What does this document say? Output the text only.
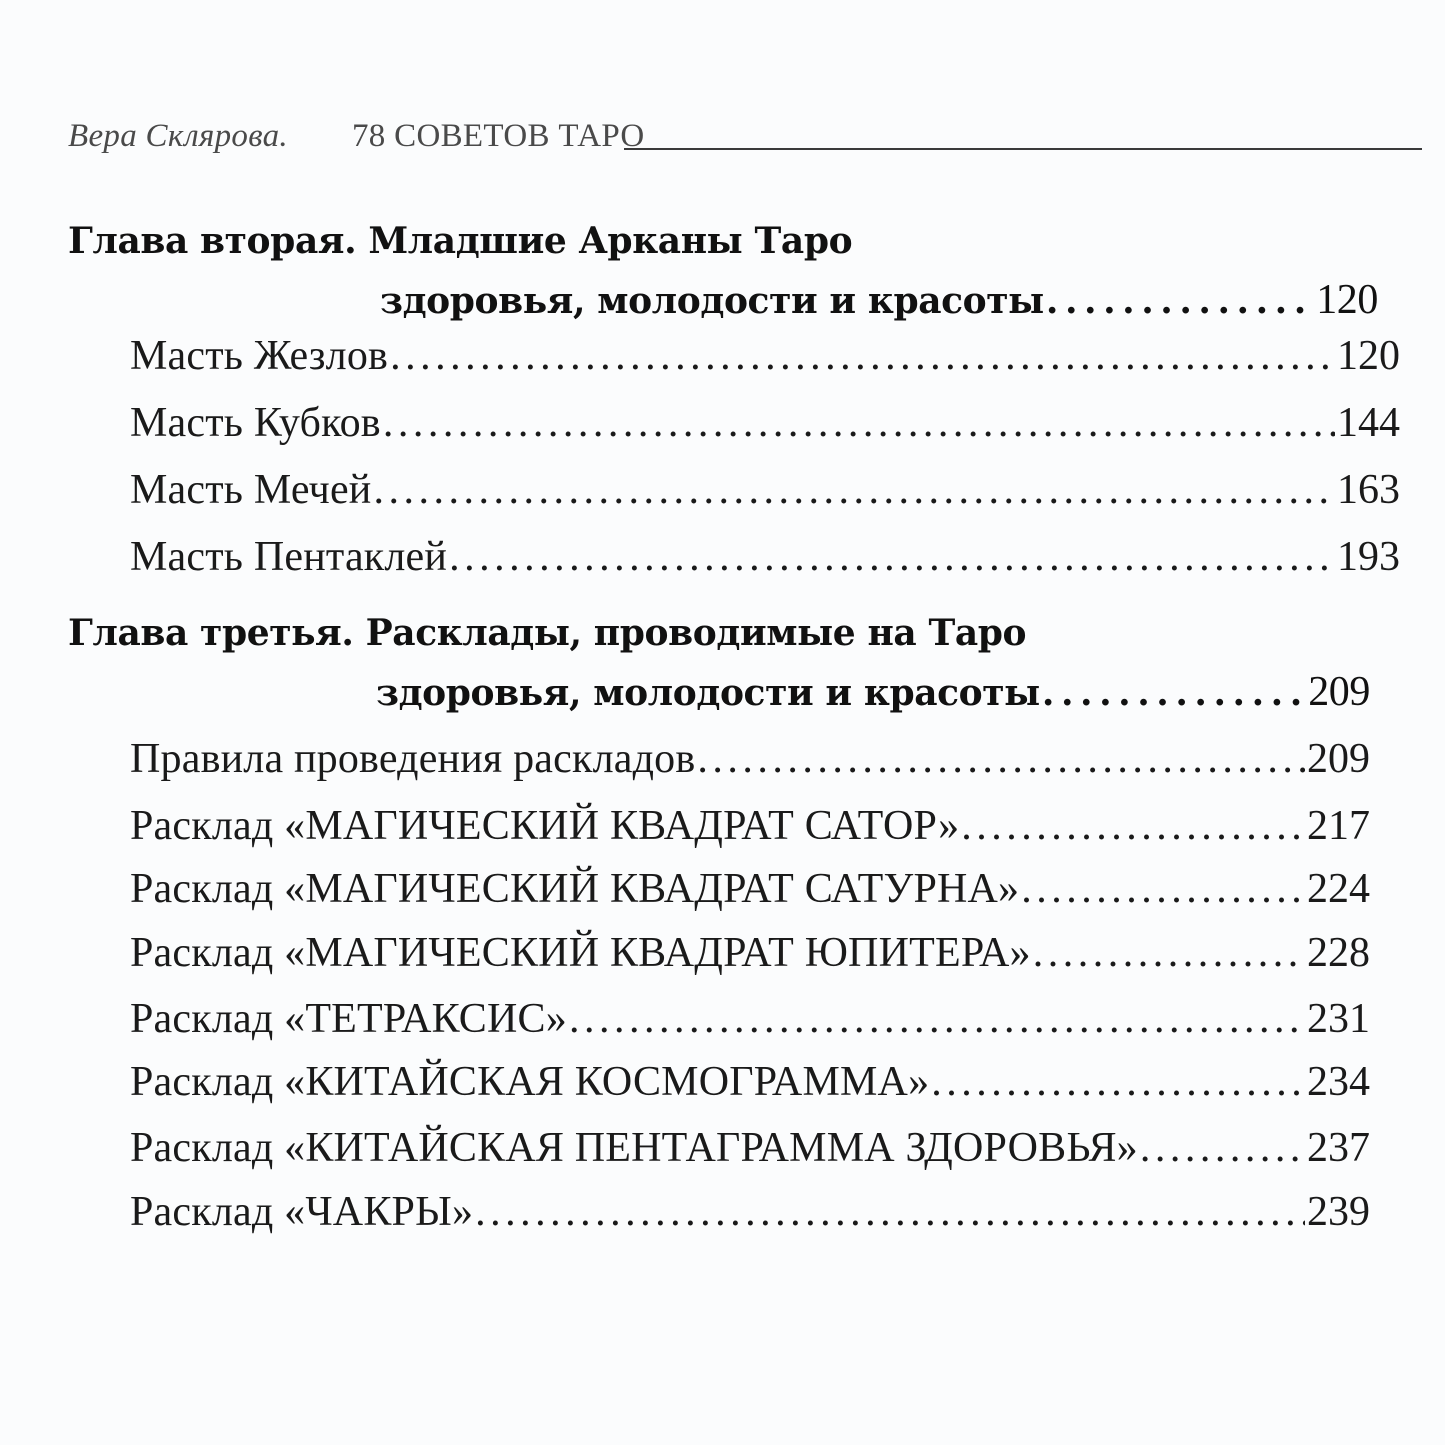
Вера Склярова. 78 СОВЕТОВ ТАРО
Глава вторая. Младшие Арканы Таро
здоровья, молодости и красоты . . .	120
Масть Жезлов . . .	120
Масть Кубков . . .	144
Масть Мечей . . .	163
Масть Пентаклей . . .	193
Глава третья. Расклады, проводимые на Таро
здоровья, молодости и красоты . . .	209
Правила проведения раскладов . . .	209
Расклад «МАГИЧЕСКИЙ КВАДРАТ САТОР» . . .	217
Расклад «МАГИЧЕСКИЙ КВАДРАТ САТУРНА» . . .	224
Расклад «МАГИЧЕСКИЙ КВАДРАТ ЮПИТЕРА» . . .	228
Расклад «ТЕТРАКСИС» . . .	231
Расклад «КИТАЙСКАЯ КОСМОГРАММА» . . .	234
Расклад «КИТАЙСКАЯ ПЕНТАГРАММА ЗДОРОВЬЯ» . . .	237
Расклад «ЧАКРЫ» . . .	239
